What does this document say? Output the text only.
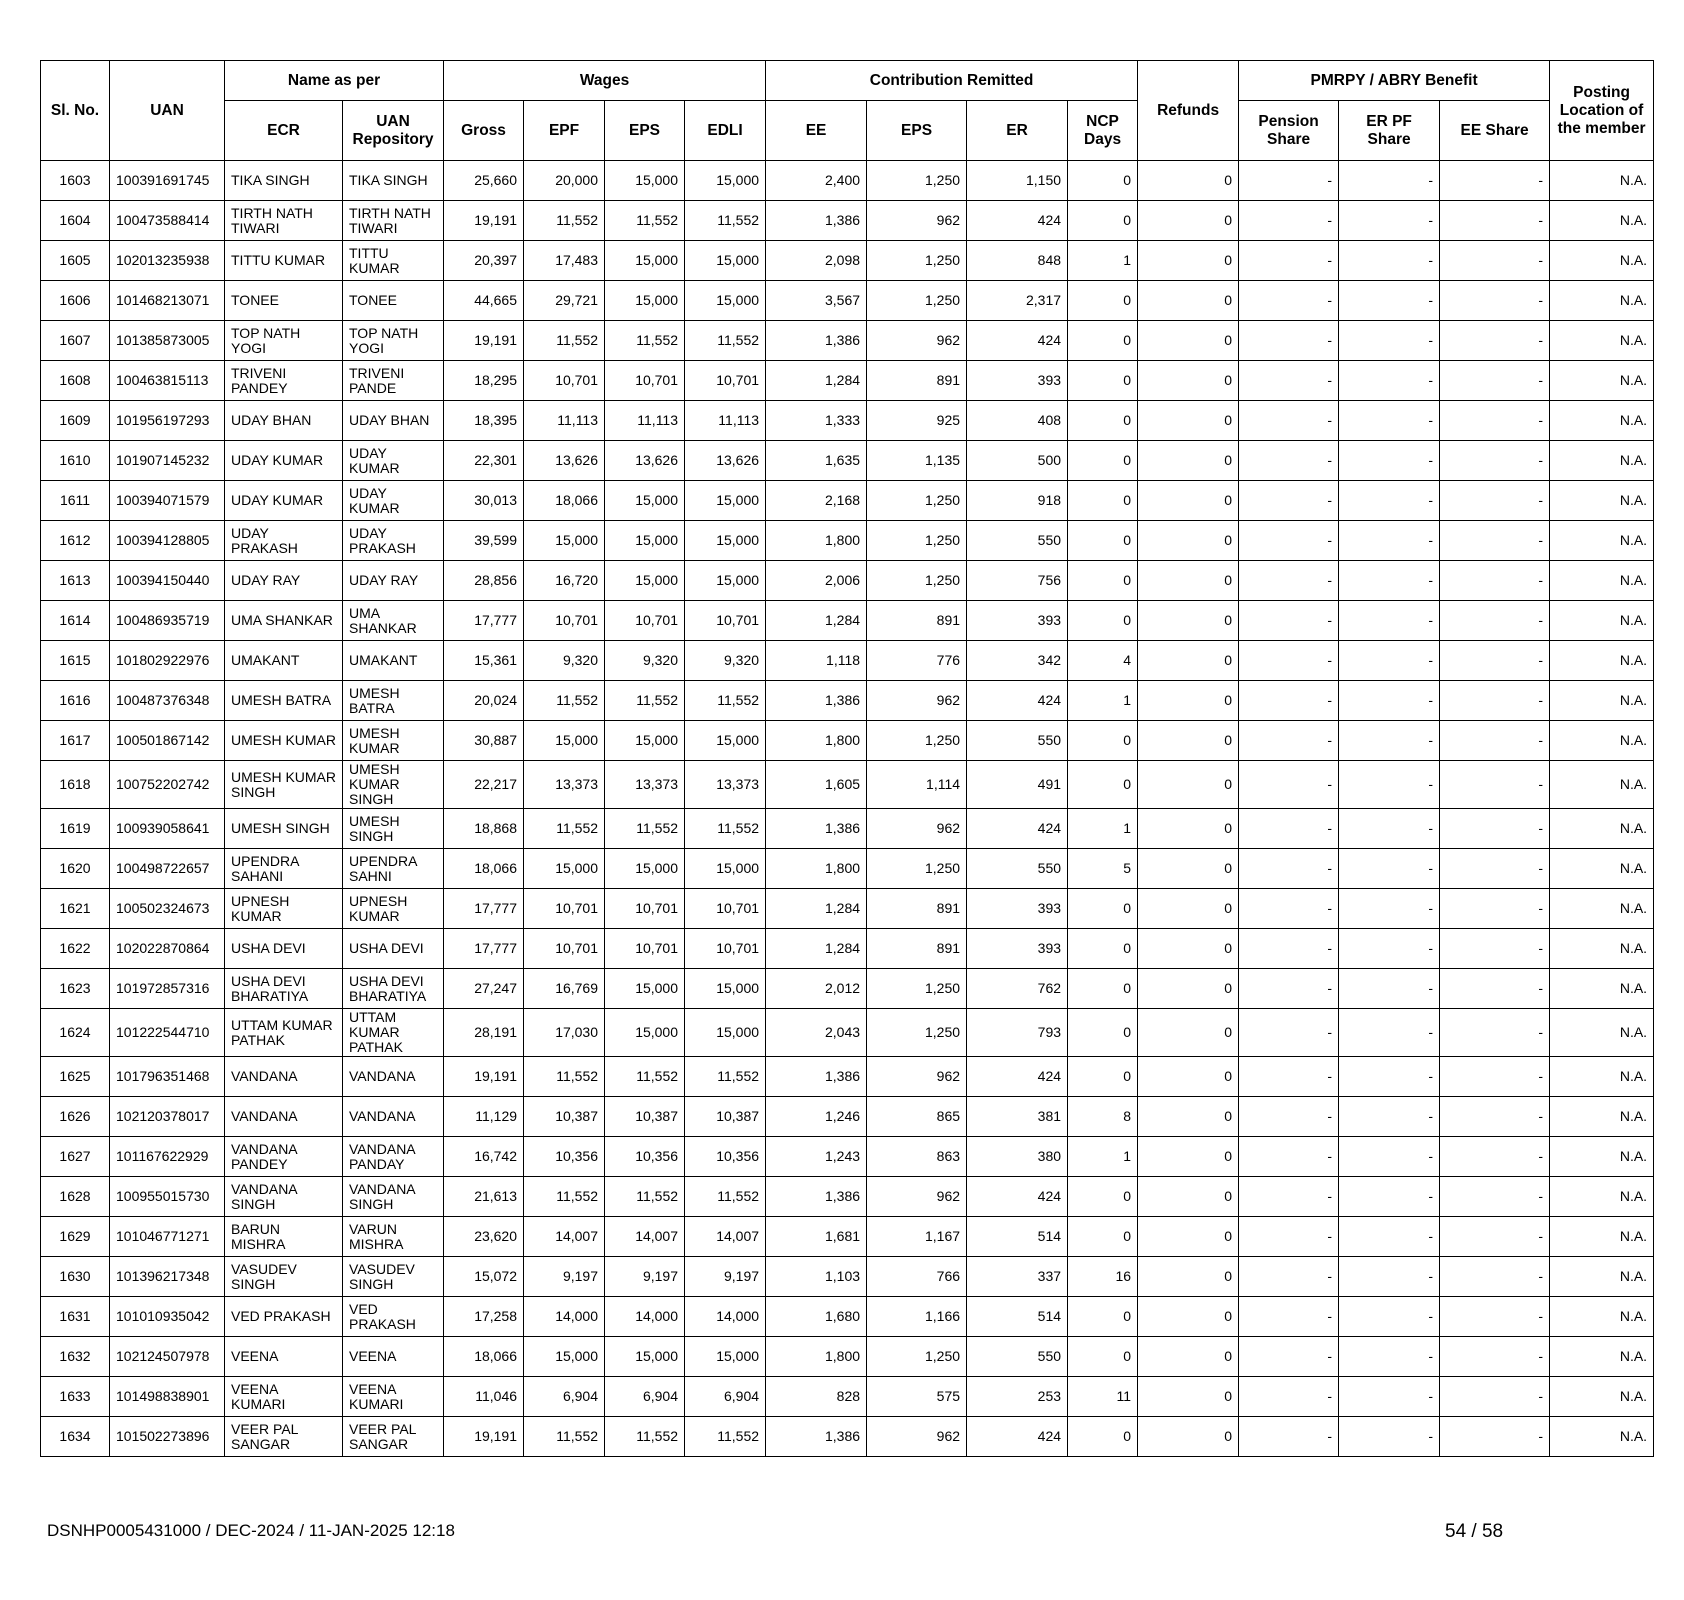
Sl. No.	UAN	Name as per		Wages				Contribution Remitted				Refunds	PMRPY / ABRY Benefit			Posting Location of the member
		ECR	UAN Repository	Gross	EPF	EPS	EDLI	EE	EPS	ER	NCP Days		Pension Share	ER PF Share	EE Share	
1603	100391691745	TIKA SINGH	TIKA SINGH	25,660	20,000	15,000	15,000	2,400	1,250	1,150	0	0	-	-	-	N.A.
1604	100473588414	TIRTH NATH TIWARI	TIRTH NATH TIWARI	19,191	11,552	11,552	11,552	1,386	962	424	0	0	-	-	-	N.A.
1605	102013235938	TITTU KUMAR	TITTU KUMAR	20,397	17,483	15,000	15,000	2,098	1,250	848	1	0	-	-	-	N.A.
1606	101468213071	TONEE	TONEE	44,665	29,721	15,000	15,000	3,567	1,250	2,317	0	0	-	-	-	N.A.
1607	101385873005	TOP NATH YOGI	TOP NATH YOGI	19,191	11,552	11,552	11,552	1,386	962	424	0	0	-	-	-	N.A.
1608	100463815113	TRIVENI PANDEY	TRIVENI PANDE	18,295	10,701	10,701	10,701	1,284	891	393	0	0	-	-	-	N.A.
1609	101956197293	UDAY BHAN	UDAY BHAN	18,395	11,113	11,113	11,113	1,333	925	408	0	0	-	-	-	N.A.
1610	101907145232	UDAY KUMAR	UDAY KUMAR	22,301	13,626	13,626	13,626	1,635	1,135	500	0	0	-	-	-	N.A.
1611	100394071579	UDAY KUMAR	UDAY KUMAR	30,013	18,066	15,000	15,000	2,168	1,250	918	0	0	-	-	-	N.A.
1612	100394128805	UDAY PRAKASH	UDAY PRAKASH	39,599	15,000	15,000	15,000	1,800	1,250	550	0	0	-	-	-	N.A.
1613	100394150440	UDAY RAY	UDAY RAY	28,856	16,720	15,000	15,000	2,006	1,250	756	0	0	-	-	-	N.A.
1614	100486935719	UMA SHANKAR	UMA SHANKAR	17,777	10,701	10,701	10,701	1,284	891	393	0	0	-	-	-	N.A.
1615	101802922976	UMAKANT	UMAKANT	15,361	9,320	9,320	9,320	1,118	776	342	4	0	-	-	-	N.A.
1616	100487376348	UMESH BATRA	UMESH BATRA	20,024	11,552	11,552	11,552	1,386	962	424	1	0	-	-	-	N.A.
1617	100501867142	UMESH KUMAR	UMESH KUMAR	30,887	15,000	15,000	15,000	1,800	1,250	550	0	0	-	-	-	N.A.
1618	100752202742	UMESH KUMAR SINGH	UMESH KUMAR SINGH	22,217	13,373	13,373	13,373	1,605	1,114	491	0	0	-	-	-	N.A.
1619	100939058641	UMESH SINGH	UMESH SINGH	18,868	11,552	11,552	11,552	1,386	962	424	1	0	-	-	-	N.A.
1620	100498722657	UPENDRA SAHANI	UPENDRA SAHNI	18,066	15,000	15,000	15,000	1,800	1,250	550	5	0	-	-	-	N.A.
1621	100502324673	UPNESH KUMAR	UPNESH KUMAR	17,777	10,701	10,701	10,701	1,284	891	393	0	0	-	-	-	N.A.
1622	102022870864	USHA DEVI	USHA DEVI	17,777	10,701	10,701	10,701	1,284	891	393	0	0	-	-	-	N.A.
1623	101972857316	USHA DEVI BHARATIYA	USHA DEVI BHARATIYA	27,247	16,769	15,000	15,000	2,012	1,250	762	0	0	-	-	-	N.A.
1624	101222544710	UTTAM KUMAR PATHAK	UTTAM KUMAR PATHAK	28,191	17,030	15,000	15,000	2,043	1,250	793	0	0	-	-	-	N.A.
1625	101796351468	VANDANA	VANDANA	19,191	11,552	11,552	11,552	1,386	962	424	0	0	-	-	-	N.A.
1626	102120378017	VANDANA	VANDANA	11,129	10,387	10,387	10,387	1,246	865	381	8	0	-	-	-	N.A.
1627	101167622929	VANDANA PANDEY	VANDANA PANDAY	16,742	10,356	10,356	10,356	1,243	863	380	1	0	-	-	-	N.A.
1628	100955015730	VANDANA SINGH	VANDANA SINGH	21,613	11,552	11,552	11,552	1,386	962	424	0	0	-	-	-	N.A.
1629	101046771271	BARUN MISHRA	VARUN MISHRA	23,620	14,007	14,007	14,007	1,681	1,167	514	0	0	-	-	-	N.A.
1630	101396217348	VASUDEV SINGH	VASUDEV SINGH	15,072	9,197	9,197	9,197	1,103	766	337	16	0	-	-	-	N.A.
1631	101010935042	VED PRAKASH	VED PRAKASH	17,258	14,000	14,000	14,000	1,680	1,166	514	0	0	-	-	-	N.A.
1632	102124507978	VEENA	VEENA	18,066	15,000	15,000	15,000	1,800	1,250	550	0	0	-	-	-	N.A.
1633	101498838901	VEENA KUMARI	VEENA KUMARI	11,046	6,904	6,904	6,904	828	575	253	11	0	-	-	-	N.A.
1634	101502273896	VEER PAL SANGAR	VEER PAL SANGAR	19,191	11,552	11,552	11,552	1,386	962	424	0	0	-	-	-	N.A.
DSNHP0005431000 / DEC-2024 / 11-JAN-2025 12:18	54 / 58
